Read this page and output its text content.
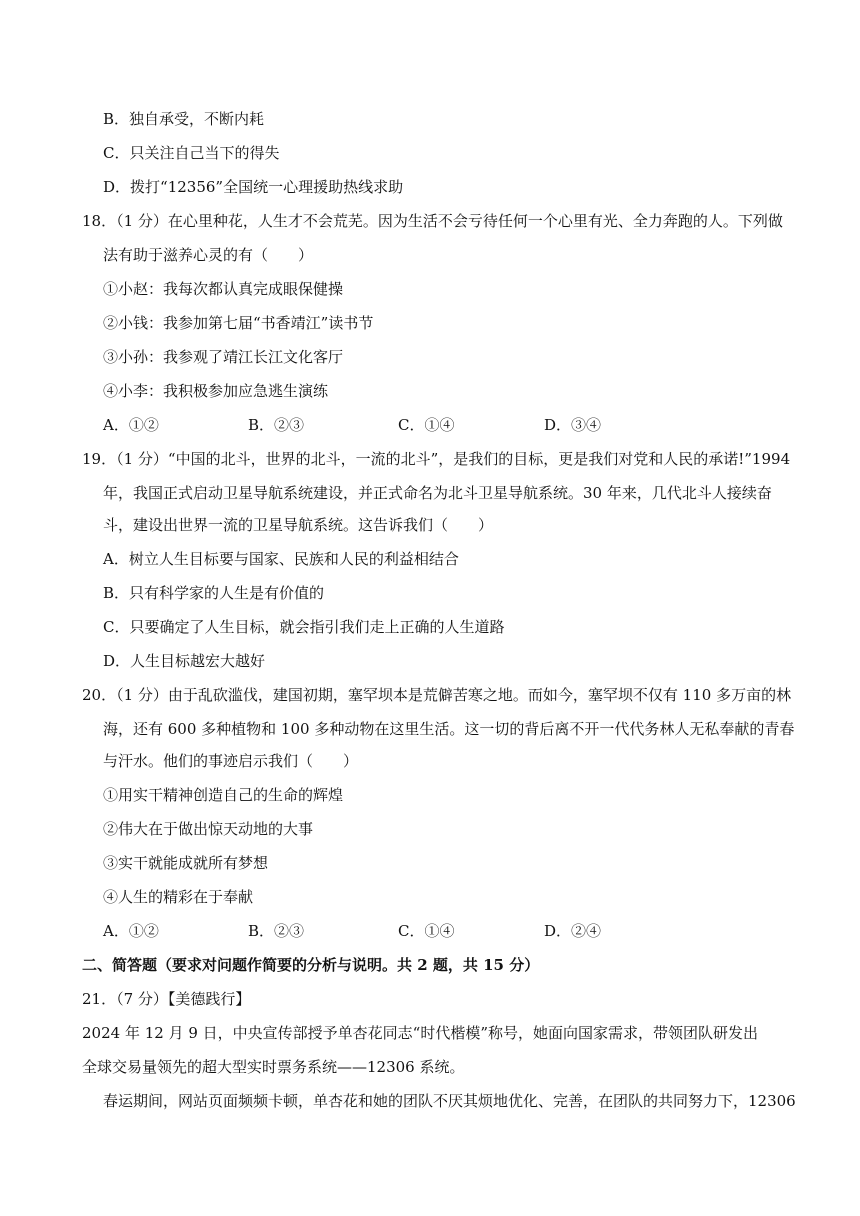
B．独自承受，不断内耗
C．只关注自己当下的得失
D．拨打“12356”全国统一心理援助热线求助
18．（1 分）在心里种花，人生才不会荒芜。因为生活不会亏待任何一个心里有光、全力奔跑的人。下列做
法有助于滋养心灵的有（　　）
①小赵：我每次都认真完成眼保健操
②小钱：我参加第七届“书香靖江”读书节
③小孙：我参观了靖江长江文化客厅
④小李：我积极参加应急逃生演练
A．①②	B．②③	C．①④	D．③④
19．（1 分）“中国的北斗，世界的北斗，一流的北斗”，是我们的目标，更是我们对党和人民的承诺!”1994
年，我国正式启动卫星导航系统建设，并正式命名为北斗卫星导航系统。30 年来，几代北斗人接续奋
斗，建设出世界一流的卫星导航系统。这告诉我们（　　）
A．树立人生目标要与国家、民族和人民的利益相结合
B．只有科学家的人生是有价值的
C．只要确定了人生目标，就会指引我们走上正确的人生道路
D．人生目标越宏大越好
20．（1 分）由于乱砍滥伐，建国初期，塞罕坝本是荒僻苦寒之地。而如今，塞罕坝不仅有 110 多万亩的林
海，还有 600 多种植物和 100 多种动物在这里生活。这一切的背后离不开一代代务林人无私奉献的青春
与汗水。他们的事迹启示我们（　　）
①用实干精神创造自己的生命的辉煌
②伟大在于做出惊天动地的大事
③实干就能成就所有梦想
④人生的精彩在于奉献
A．①②	B．②③	C．①④	D．②④
二、简答题（要求对问题作简要的分析与说明。共 2 题，共 15 分）
21．（7 分）【美德践行】
2024 年 12 月 9 日，中央宣传部授予单杏花同志“时代楷模”称号，她面向国家需求，带领团队研发出
全球交易量领先的超大型实时票务系统——12306 系统。
春运期间，网站页面频频卡顿，单杏花和她的团队不厌其烦地优化、完善，在团队的共同努力下，12306
